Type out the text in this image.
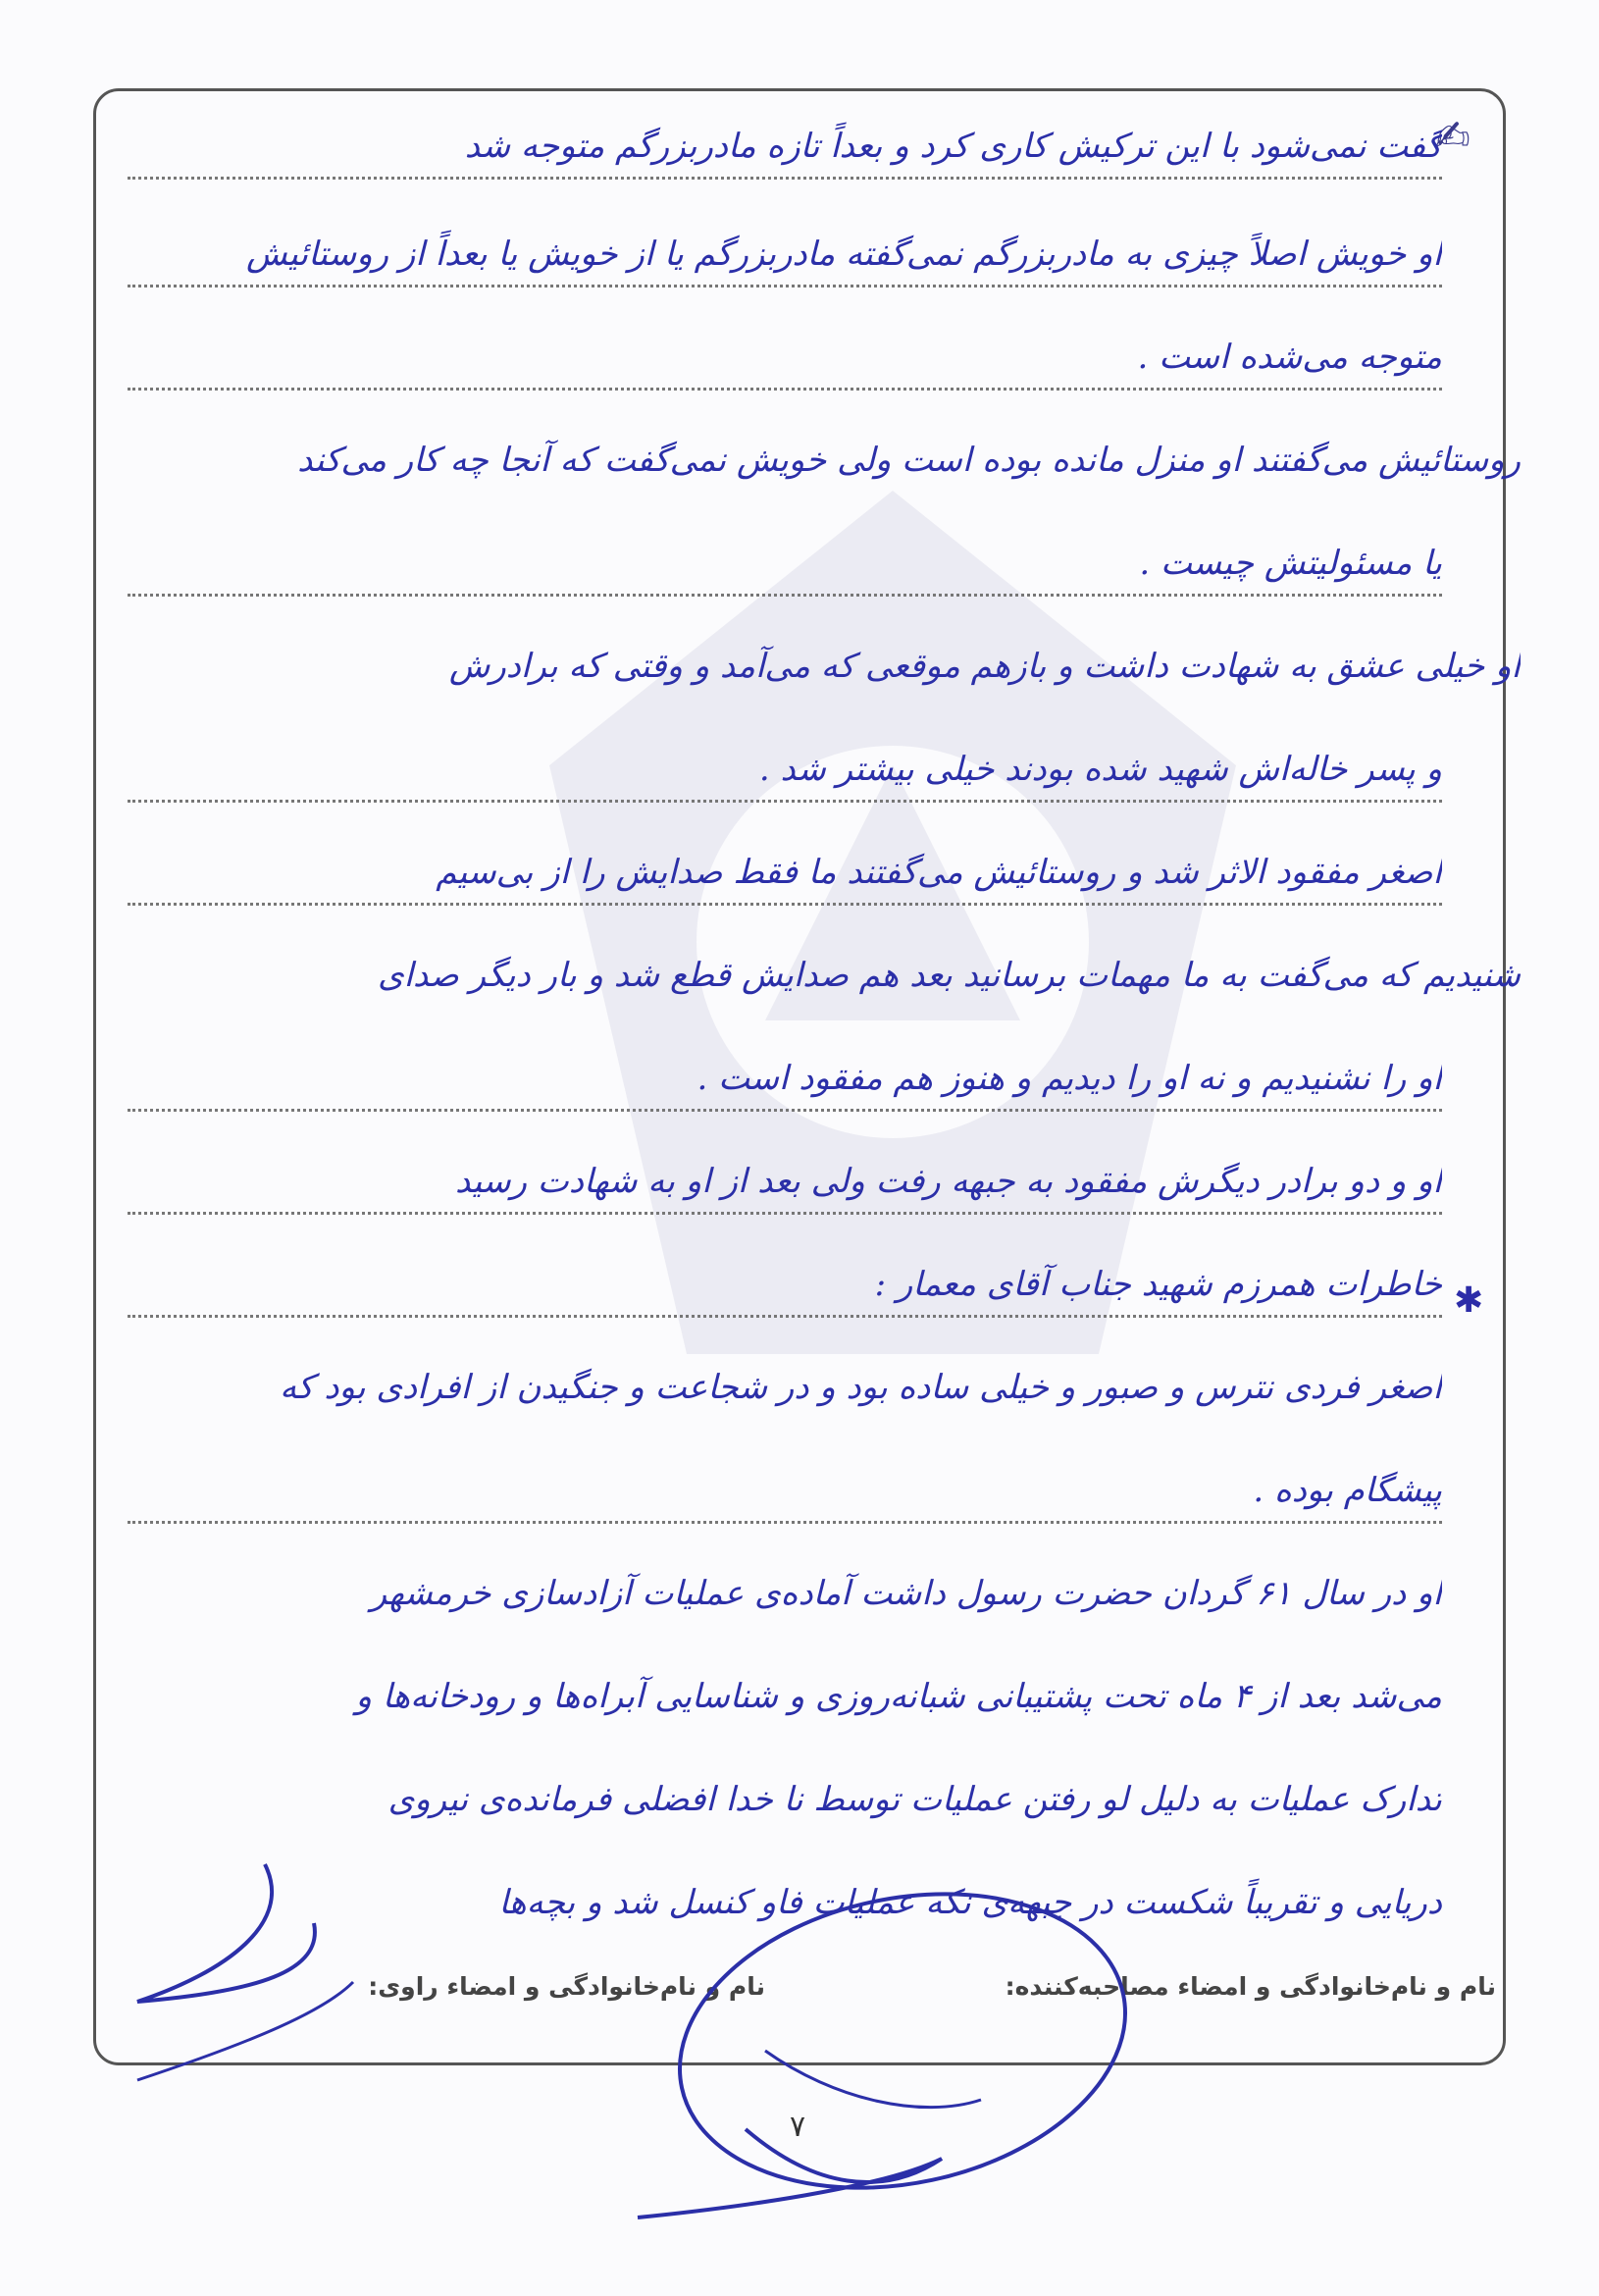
✍
✱
گفت نمی‌شود با این ترکیش کاری کرد و بعداً تازه مادربزرگم متوجه شد
او خویش اصلاً چیزی به مادربزرگم نمی‌گفته مادربزرگم یا از خویش یا بعداً از روستائیش
متوجه می‌شده است .
روستائیش می‌گفتند او منزل مانده بوده است ولی خویش نمی‌گفت که آنجا چه کار می‌کند
یا مسئولیتش چیست .
او خیلی عشق به شهادت داشت و بازهم موقعی که می‌آمد و وقتی که برادرش
و پسر خاله‌اش شهید شده بودند خیلی بیشتر شد .
اصغر مفقود الاثر شد و روستائیش می‌گفتند ما فقط صدایش را از بی‌سیم
شنیدیم که می‌گفت به ما مهمات برسانید بعد هم صدایش قطع شد و بار دیگر صدای
او را نشنیدیم و نه او را دیدیم و هنوز هم مفقود است .
او و دو برادر دیگرش مفقود به جبهه رفت ولی بعد از او به شهادت رسید
خاطرات همرزم شهید جناب آقای معمار :
اصغر فردی نترس و صبور و خیلی ساده بود و در شجاعت و جنگیدن از افرادی بود که
پیشگام بوده .
او در سال ۶۱ گردان حضرت رسول داشت آماده‌ی عملیات آزادسازی خرمشهر
می‌شد بعد از ۴ ماه تحت پشتیبانی شبانه‌روزی و شناسایی آبراه‌ها و رودخانه‌ها و
تدارک عملیات به دلیل لو رفتن عملیات توسط نا خدا افضلی فرمانده‌ی نیروی
دریایی و تقریباً شکست در جبهه‌ی نکه عملیات فاو کنسل شد و بچه‌ها
نام و نام‌خانوادگی و امضاء مصاحبه‌کننده:
نام و نام‌خانوادگی و امضاء راوی:
۷
